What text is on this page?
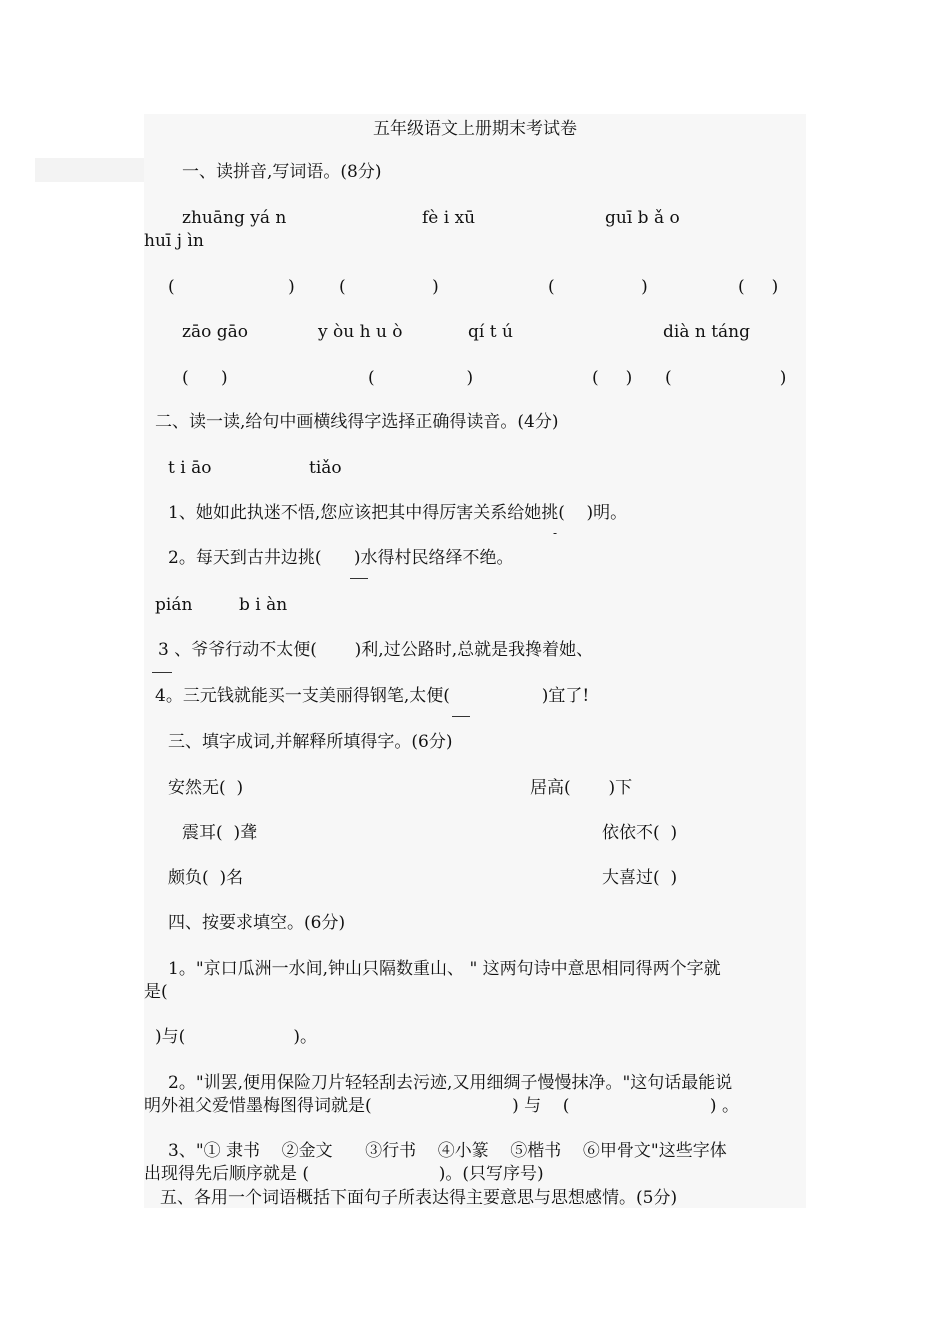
五年级语文上册期末考试卷
一、读拼音,写词语。(8分)
zhuāng yá n	fè i xū	guī b ǎ o
huī j ìn
(                     )	(                )	(                )	(     )
zāo gāo	y òu h u ò	qí t ú	dià n táng
(      )	(                 )	(     ) (                    )
二、读一读,给句中画横线得字选择正确得读音。(4分)
t i āo	tiǎo
1、她如此执迷不悟,您应该把其中得厉害关系给她挑(    )明。
-
2。每天到古井边挑(      )水得村民络绎不绝。
pián	b i àn
3 、爷爷行动不太便(       )利,过公路时,总就是我搀着她、
4。三元钱就能买一支美丽得钢笔,太便(                 )宜了!
三、填字成词,并解释所填得字。(6分)
安然无(  )	居高(       )下
震耳(  )聋	依依不(  )
颇负(  )名	大喜过(  )
四、按要求填空。(6分)
1。"京口瓜洲一水间,钟山只隔数重山、 " 这两句诗中意思相同得两个字就
是(
)与(                    )。
2。"训罢,便用保险刀片轻轻刮去污迹,又用细绸子慢慢抹净。"这句话最能说
明外祖父爱惜墨梅图得词就是(                          ) 与    (                          ) 。
3、"① 隶书    ②金文      ③行书    ④小篆    ⑤楷书    ⑥甲骨文"这些字体
出现得先后顺序就是 (                        )。(只写序号)
五、各用一个词语概括下面句子所表达得主要意思与思想感情。(5分)
